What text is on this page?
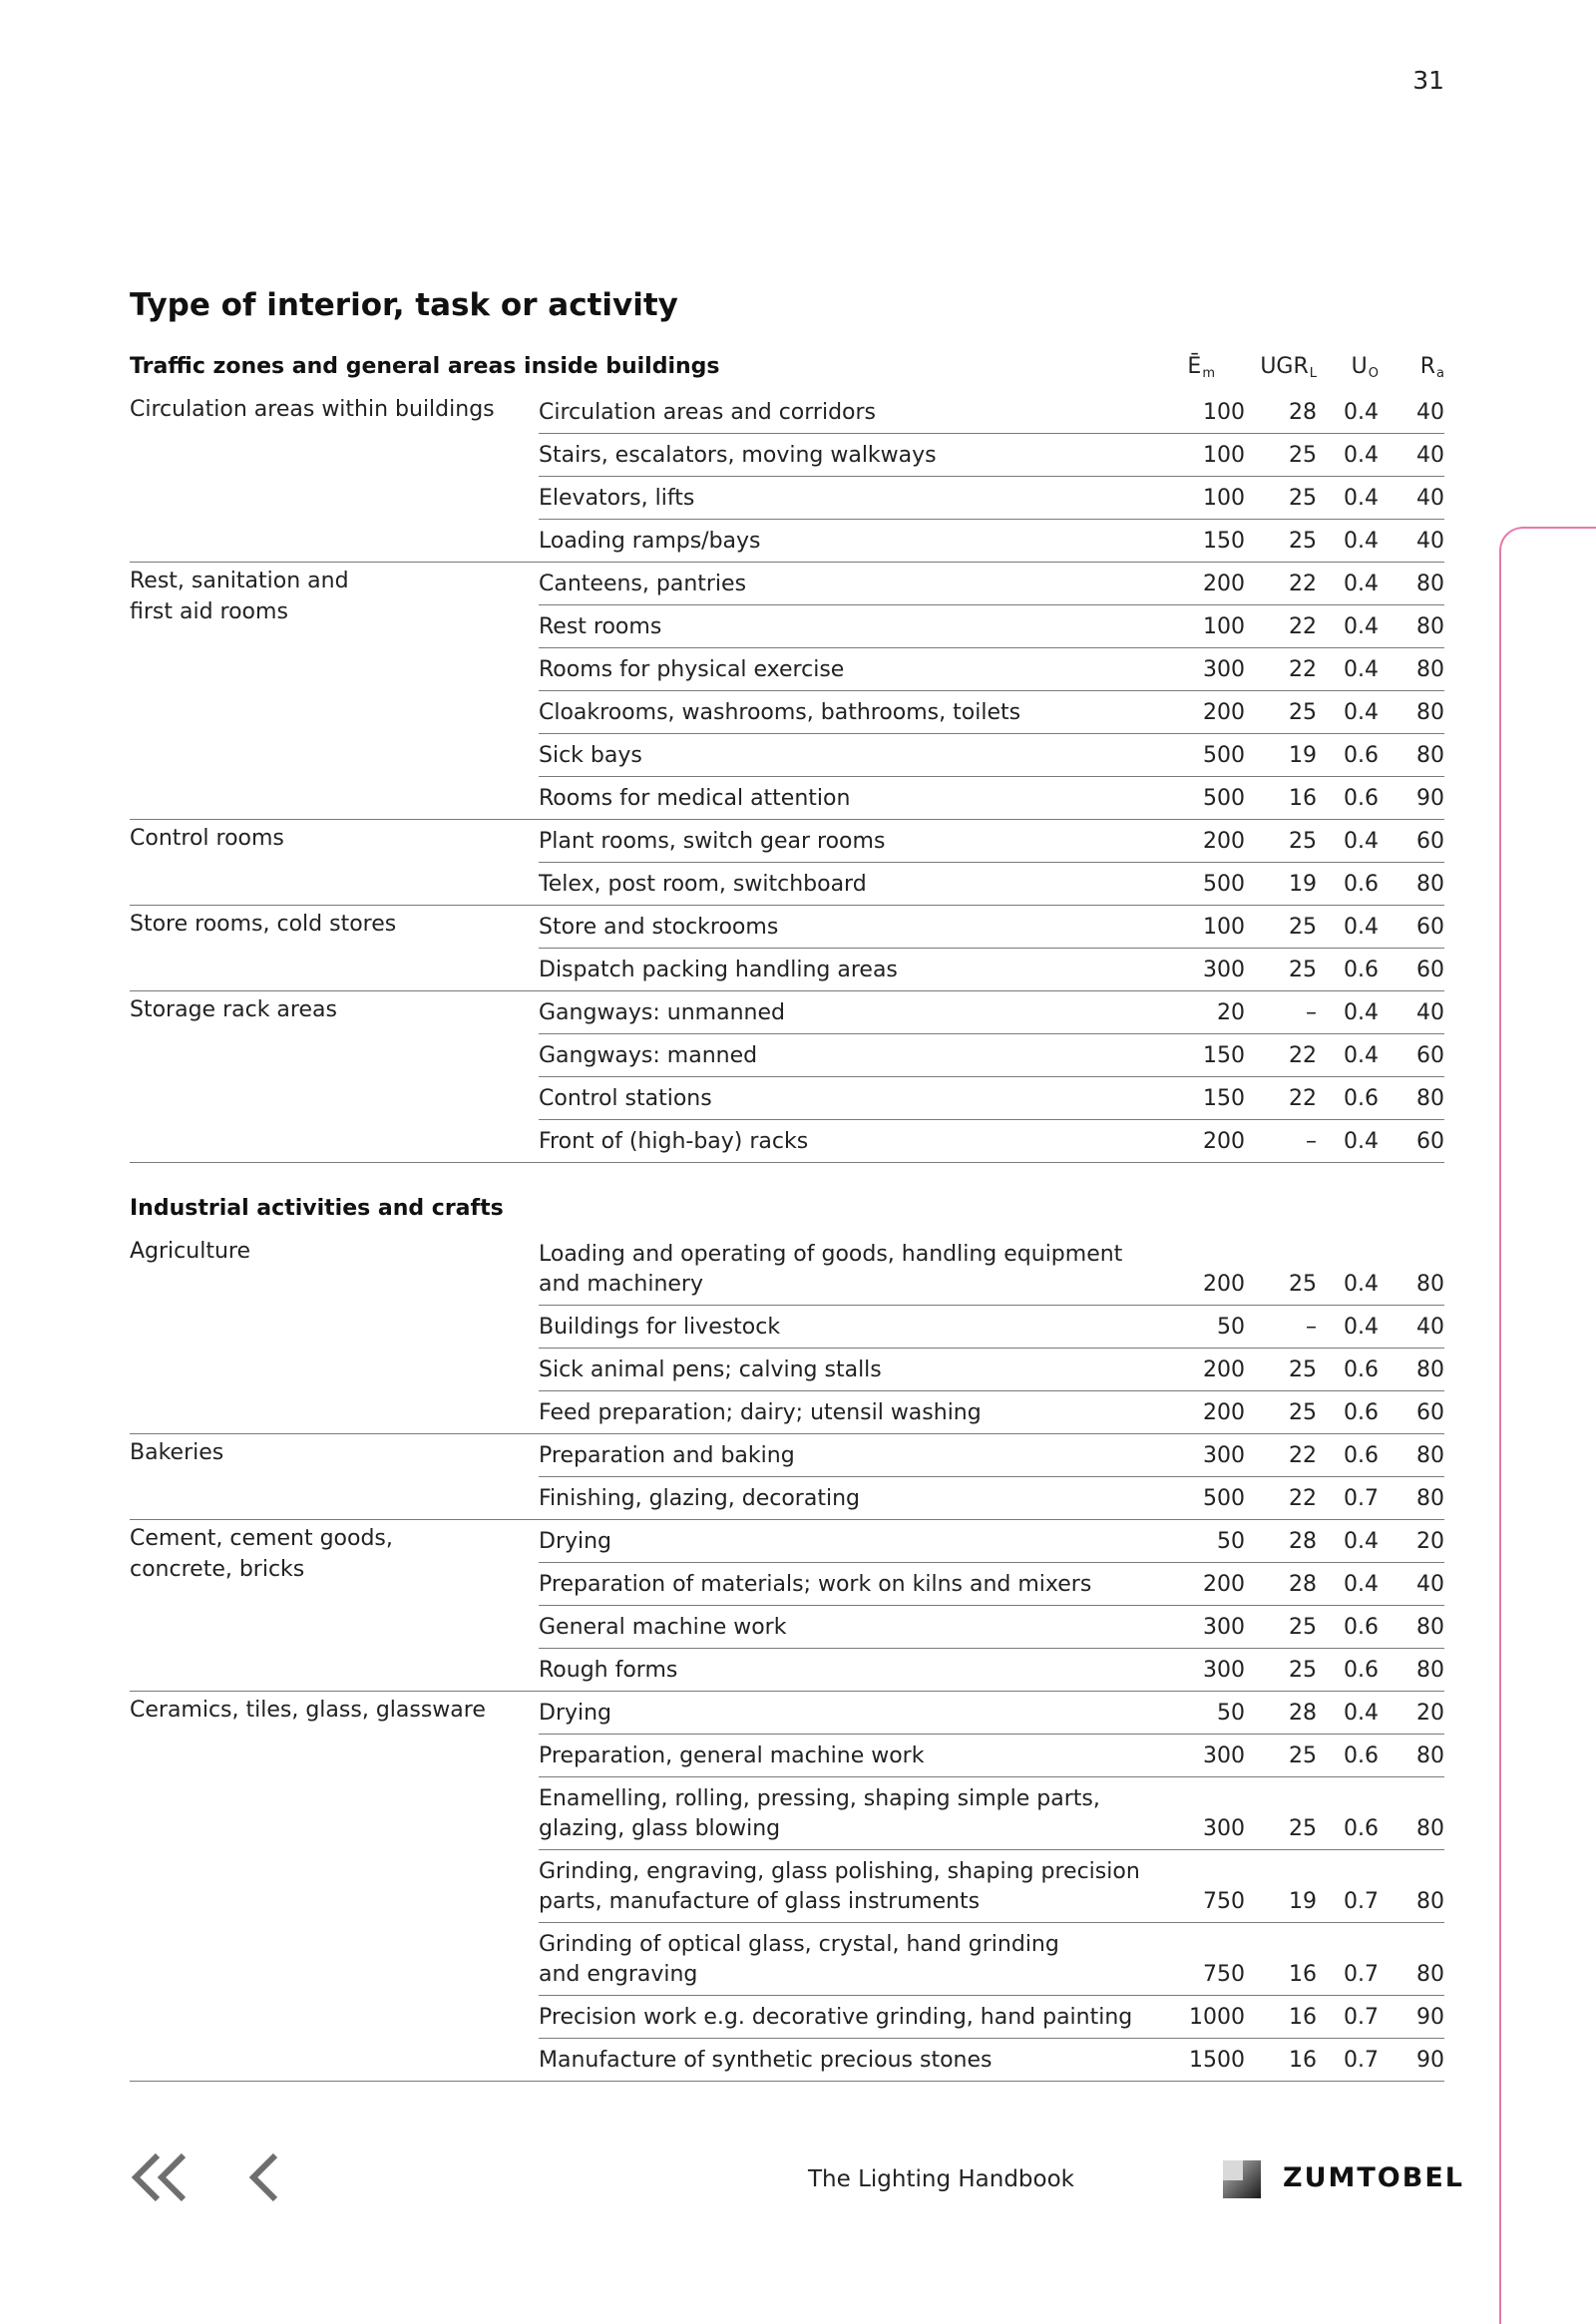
31
Type of interior, task or activity
Traffic zones and general areas inside buildings	$Ē_m$ $UGR_L$ $U_O$ $R_a$
Circulation areas within buildings	Circulation areas and corridors	100 28 0.4 40
Stairs, escalators, moving walkways	100 25 0.4 40
Elevators, lifts	100 25 0.4 40
Loading ramps/bays	150 25 0.4 40
Rest, sanitation and
first aid rooms
Canteens, pantries	200 22 0.4 80
Rest rooms	100 22 0.4 80
Rooms for physical exercise	300 22 0.4 80
Cloakrooms, washrooms, bathrooms, toilets	200 25 0.4 80
Sick bays	500 19 0.6 80
Rooms for medical attention	500 16 0.6 90
Control rooms	Plant rooms, switch gear rooms	200 25 0.4 60
Telex, post room, switchboard	500 19 0.6 80
Store rooms, cold stores	Store and stockrooms	100 25 0.4 60
Dispatch packing handling areas	300 25 0.6 60
Storage rack areas	Gangways: unmanned	20	– 0.4 40
Gangways: manned	150 22 0.4 60
Control stations	150 22 0.6 80
Front of (high-bay) racks	200	– 0.4 60
Industrial activities and crafts
Agriculture	Loading and operating of goods, handling equipment
and machinery	200 25 0.4 80
Buildings for livestock	50	– 0.4 40
Sick animal pens; calving stalls	200 25 0.6 80
Feed preparation; dairy; utensil washing	200 25 0.6 60
Bakeries	Preparation and baking	300 22 0.6 80
Finishing, glazing, decorating	500 22 0.7 80
Cement, cement goods,
concrete, bricks
Drying	50 28 0.4 20
Preparation of materials; work on kilns and mixers	200 28 0.4 40
General machine work	300 25 0.6 80
Rough forms	300 25 0.6 80
Ceramics, tiles, glass, glassware	Drying	50 28 0.4 20
Preparation, general machine work	300 25 0.6 80
Enamelling, rolling, pressing, shaping simple parts,
glazing, glass blowing	300 25 0.6 80
Grinding, engraving, glass polishing, shaping precision
parts, manufacture of glass instruments	750 19 0.7 80
Grinding of optical glass, crystal, hand grinding
and engraving	750 16 0.7 80
Precision work e.g. decorative grinding, hand painting	1000 16 0.7 90
Manufacture of synthetic precious stones	1500 16 0.7 90
The Lighting Handbook	ZUMTOBEL
